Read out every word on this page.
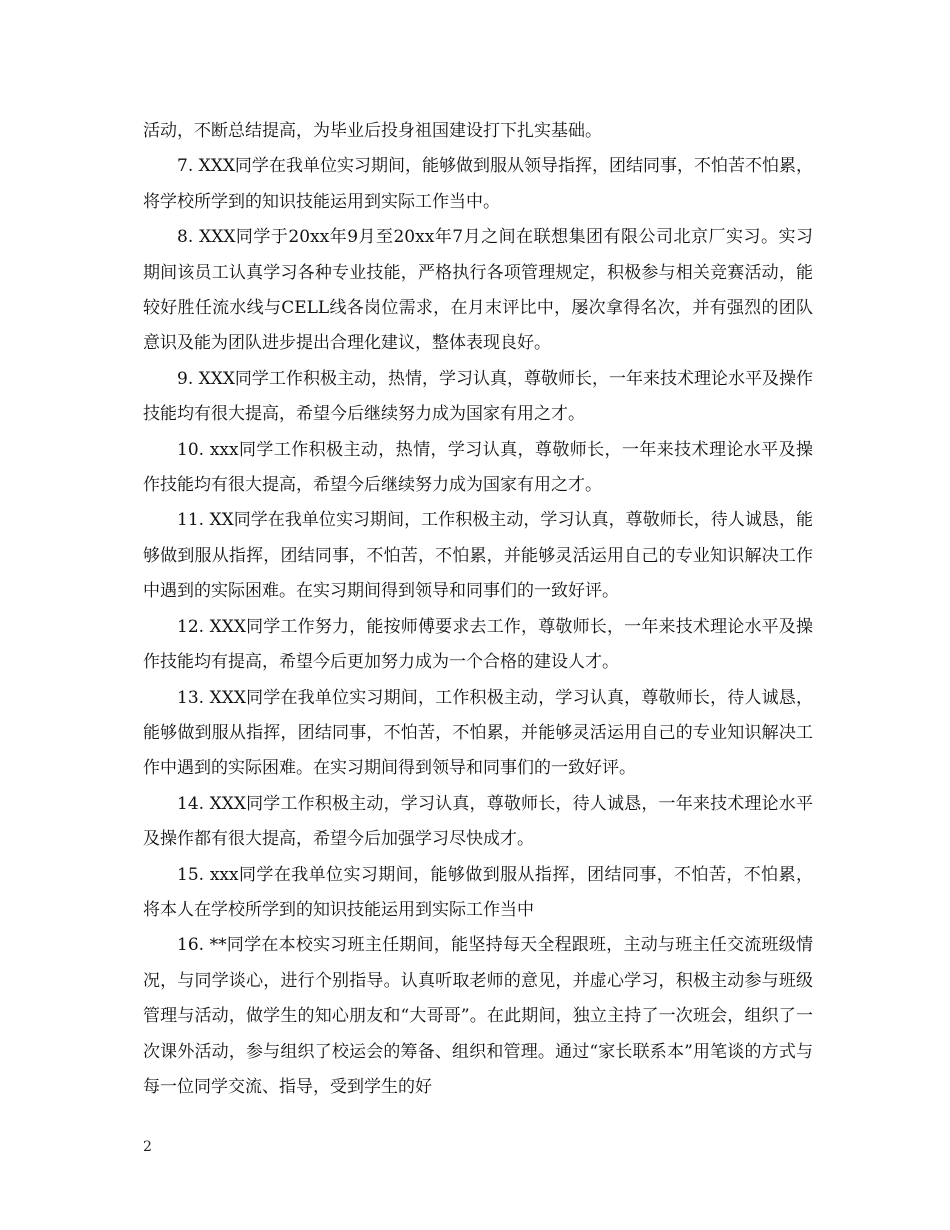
活动，不断总结提高，为毕业后投身祖国建设打下扎实基础。

7. XXX同学在我单位实习期间，能够做到服从领导指挥，团结同事，不怕苦不怕累，将学校所学到的知识技能运用到实际工作当中。

8. XXX同学于20xx年9月至20xx年7月之间在联想集团有限公司北京厂实习。实习期间该员工认真学习各种专业技能，严格执行各项管理规定，积极参与相关竞赛活动，能较好胜任流水线与CELL线各岗位需求，在月末评比中，屡次拿得名次，并有强烈的团队意识及能为团队进步提出合理化建议，整体表现良好。

9. XXX同学工作积极主动，热情，学习认真，尊敬师长，一年来技术理论水平及操作技能均有很大提高，希望今后继续努力成为国家有用之才。

10. xxx同学工作积极主动，热情，学习认真，尊敬师长，一年来技术理论水平及操作技能均有很大提高，希望今后继续努力成为国家有用之才。

11. XX同学在我单位实习期间，工作积极主动，学习认真，尊敬师长，待人诚恳，能够做到服从指挥，团结同事，不怕苦，不怕累，并能够灵活运用自己的专业知识解决工作中遇到的实际困难。在实习期间得到领导和同事们的一致好评。

12. XXX同学工作努力，能按师傅要求去工作，尊敬师长，一年来技术理论水平及操作技能均有提高，希望今后更加努力成为一个合格的建设人才。

13. XXX同学在我单位实习期间，工作积极主动，学习认真，尊敬师长，待人诚恳，能够做到服从指挥，团结同事，不怕苦，不怕累，并能够灵活运用自己的专业知识解决工作中遇到的实际困难。在实习期间得到领导和同事们的一致好评。

14. XXX同学工作积极主动，学习认真，尊敬师长，待人诚恳，一年来技术理论水平及操作都有很大提高，希望今后加强学习尽快成才。

15. xxx同学在我单位实习期间，能够做到服从指挥，团结同事，不怕苦，不怕累，将本人在学校所学到的知识技能运用到实际工作当中

16. **同学在本校实习班主任期间，能坚持每天全程跟班，主动与班主任交流班级情况，与同学谈心，进行个别指导。认真听取老师的意见，并虚心学习，积极主动参与班级管理与活动，做学生的知心朋友和“大哥哥”。在此期间，独立主持了一次班会，组织了一次课外活动，参与组织了校运会的筹备、组织和管理。通过“家长联系本”用笔谈的方式与每一位同学交流、指导，受到学生的好

2
